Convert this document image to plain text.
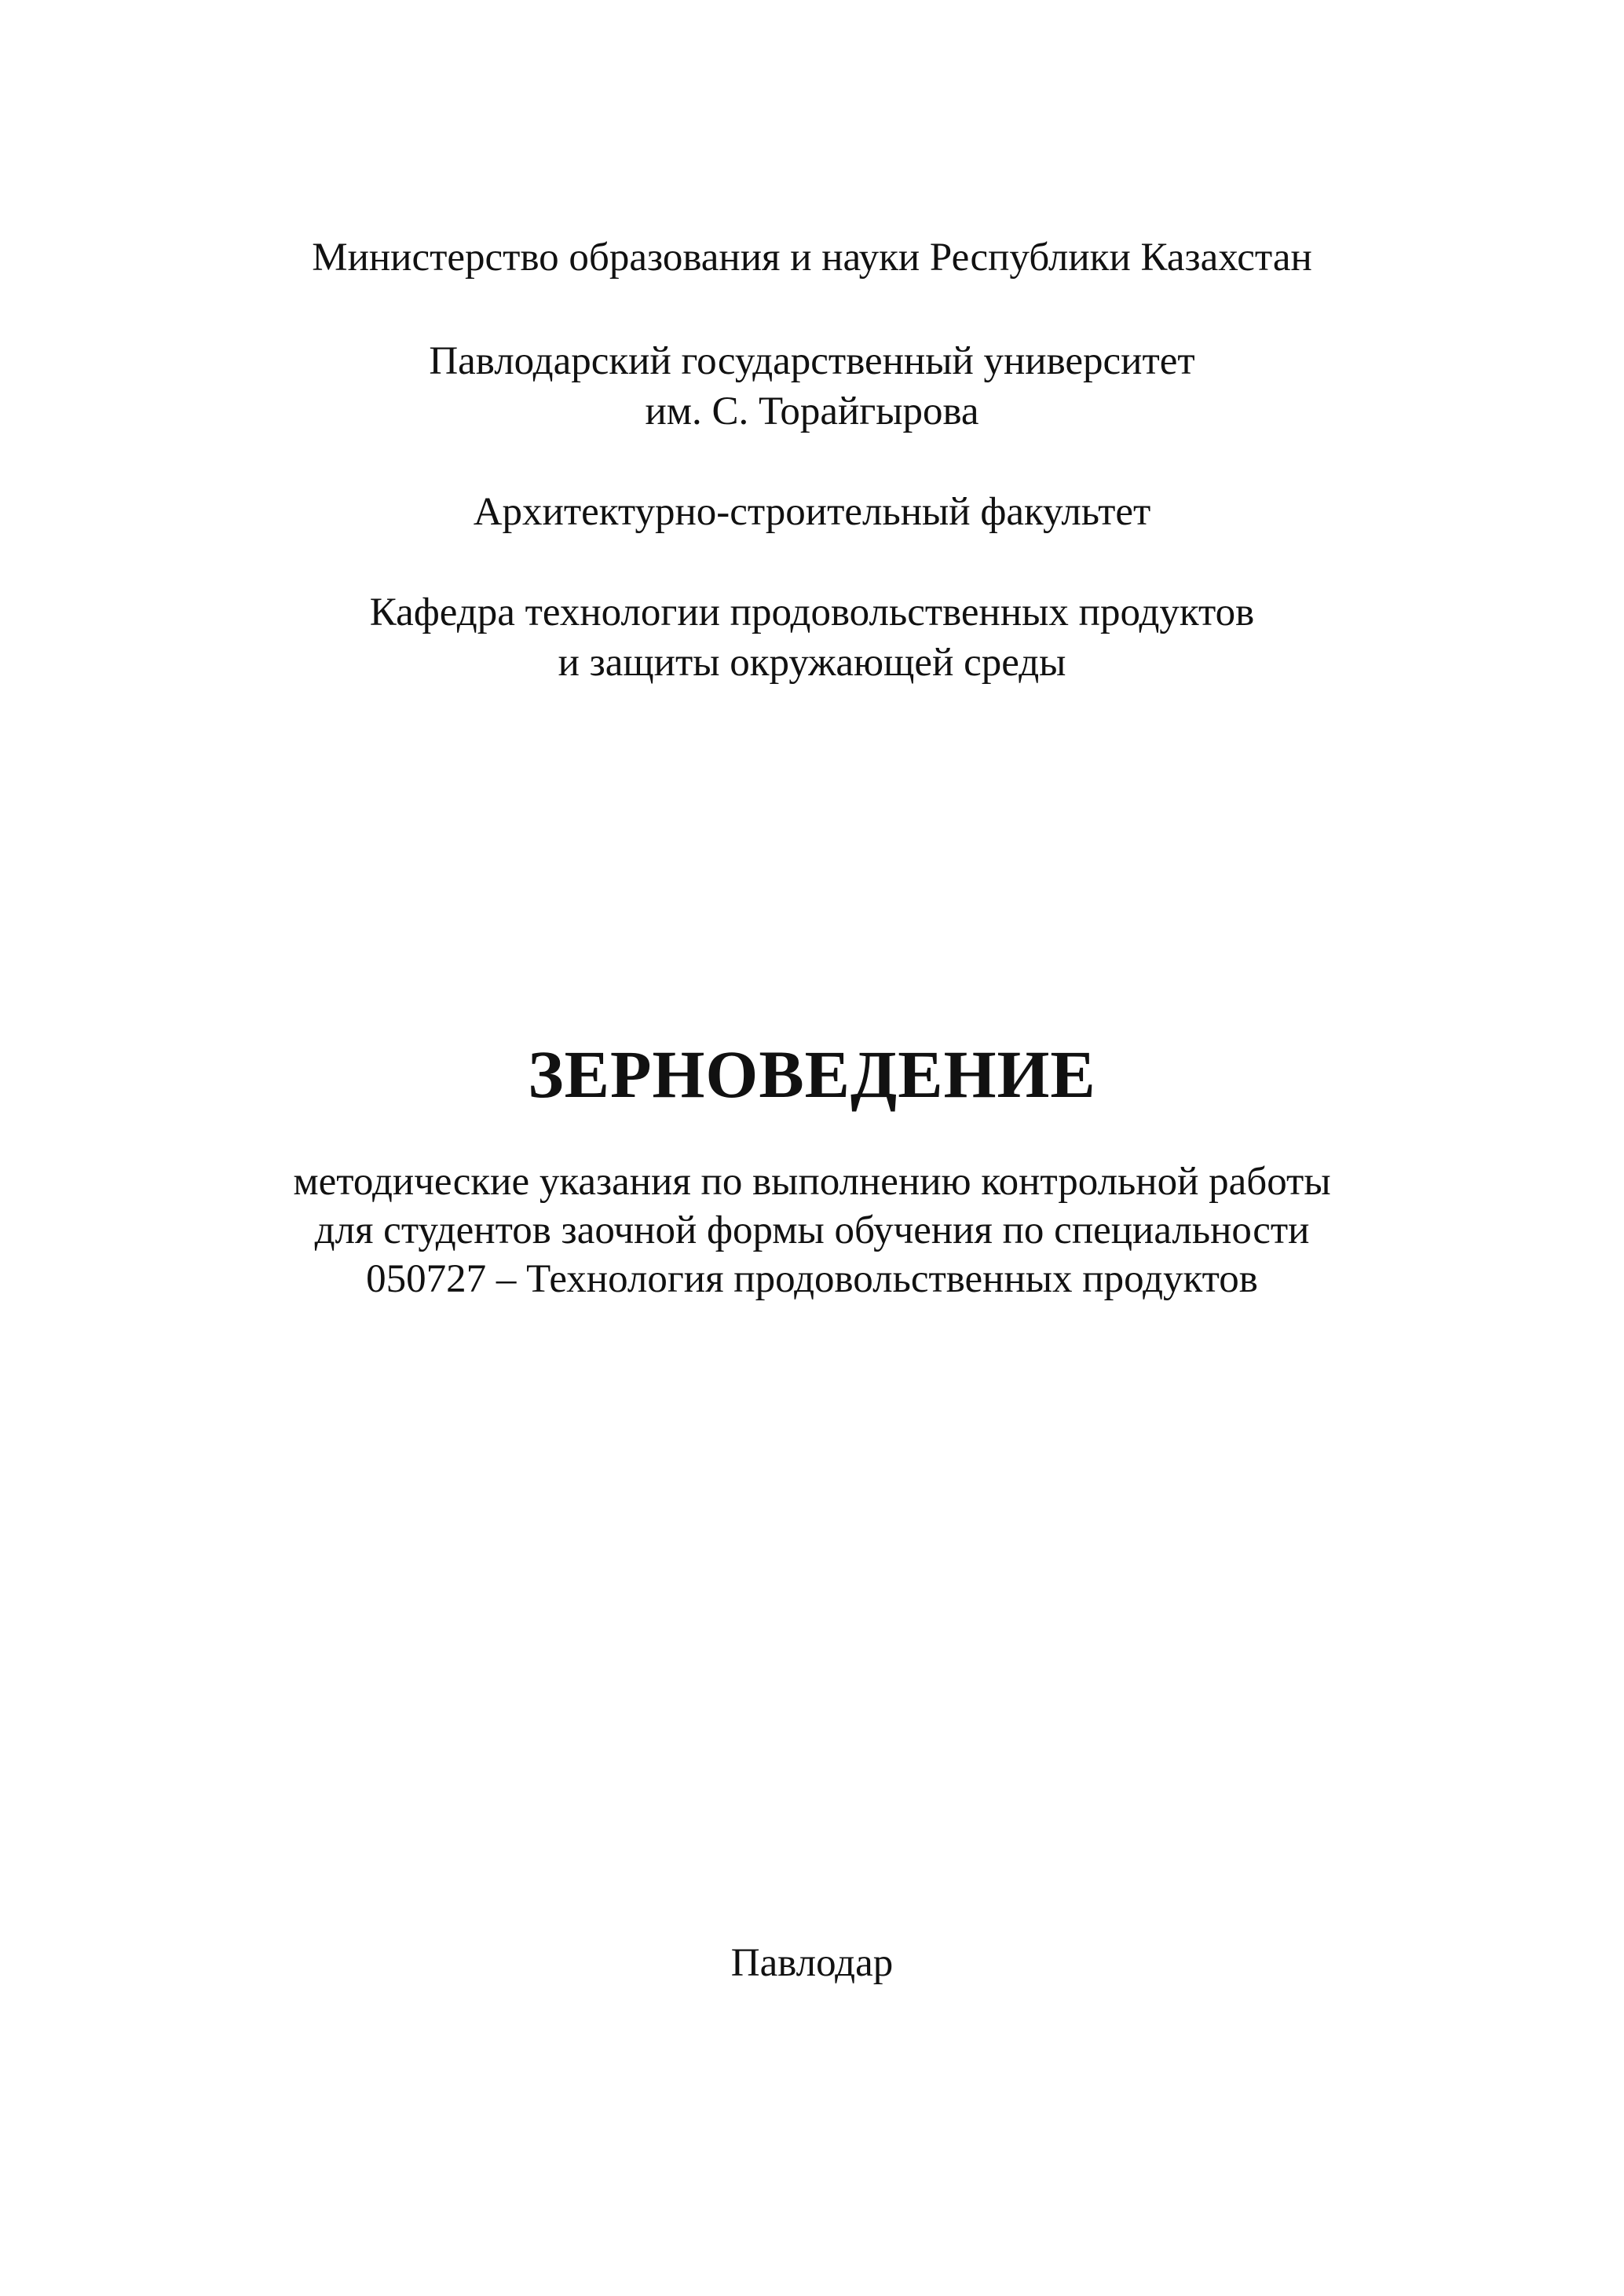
Министерство образования и науки Республики Казахстан
Павлодарский государственный университет
им. С. Торайгырова
Архитектурно-строительный факультет
Кафедра технологии продовольственных продуктов
и защиты окружающей среды
ЗЕРНОВЕДЕНИЕ
методические указания по выполнению контрольной работы
для студентов заочной формы обучения по специальности
050727 – Технология продовольственных продуктов
Павлодар
